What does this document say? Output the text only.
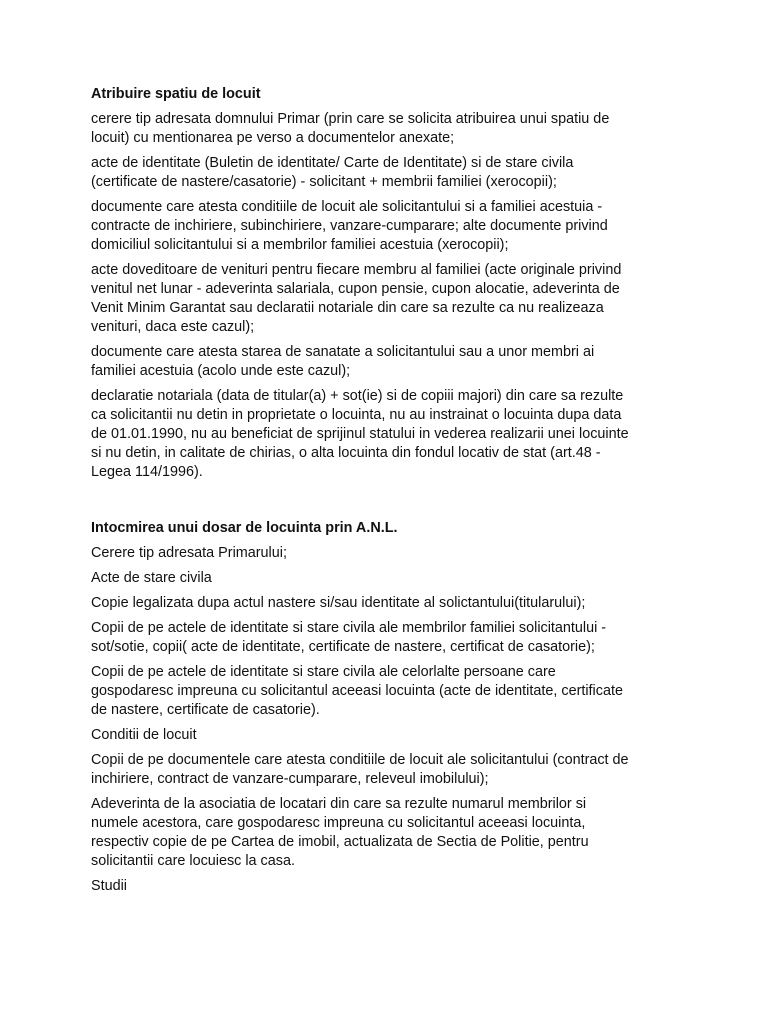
Atribuire spatiu de locuit
cerere tip adresata domnului Primar (prin care se solicita atribuirea unui spatiu de
locuit) cu mentionarea pe verso a documentelor anexate;
acte de identitate (Buletin de identitate/ Carte de Identitate) si de stare civila
(certificate de nastere/casatorie) - solicitant + membrii familiei (xerocopii);
documente care atesta conditiile de locuit ale solicitantului si a familiei acestuia -
contracte de inchiriere, subinchiriere, vanzare-cumparare; alte documente privind
domiciliul solicitantului si a membrilor familiei acestuia (xerocopii);
acte doveditoare de venituri pentru fiecare membru al familiei (acte originale privind
venitul net lunar - adeverinta salariala, cupon pensie, cupon alocatie, adeverinta de
Venit Minim Garantat sau declaratii notariale din care sa rezulte ca nu realizeaza
venituri, daca este cazul);
documente care atesta starea de sanatate a solicitantului sau a unor membri ai
familiei acestuia (acolo unde este cazul);
declaratie notariala (data de titular(a) + sot(ie) si de copiii majori) din care sa rezulte
ca solicitantii nu detin in proprietate o locuinta, nu au instrainat o locuinta dupa data
de 01.01.1990, nu au beneficiat de sprijinul statului in vederea realizarii unei locuinte
si nu detin, in calitate de chirias, o alta locuinta din fondul locativ de stat (art.48 -
Legea 114/1996).
Intocmirea unui dosar de locuinta prin A.N.L.
Cerere tip adresata Primarului;
Acte de stare civila
Copie legalizata dupa actul nastere si/sau identitate al solictantului(titularului);
Copii de pe actele de identitate si stare civila ale membrilor familiei solicitantului -
sot/sotie, copii( acte de identitate, certificate de nastere, certificat de casatorie);
Copii de pe actele de identitate si stare civila ale celorlalte persoane care
gospodaresc impreuna cu solicitantul aceeasi locuinta (acte de identitate, certificate
de nastere, certificate de casatorie).
Conditii de locuit
Copii de pe documentele care atesta conditiile de locuit ale solicitantului (contract de
inchiriere, contract de vanzare-cumparare, releveul imobilului);
Adeverinta de la asociatia de locatari din care sa rezulte numarul membrilor si
numele acestora, care gospodaresc impreuna cu solicitantul aceeasi locuinta,
respectiv copie de pe Cartea de imobil, actualizata de Sectia de Politie, pentru
solicitantii care locuiesc la casa.
Studii
